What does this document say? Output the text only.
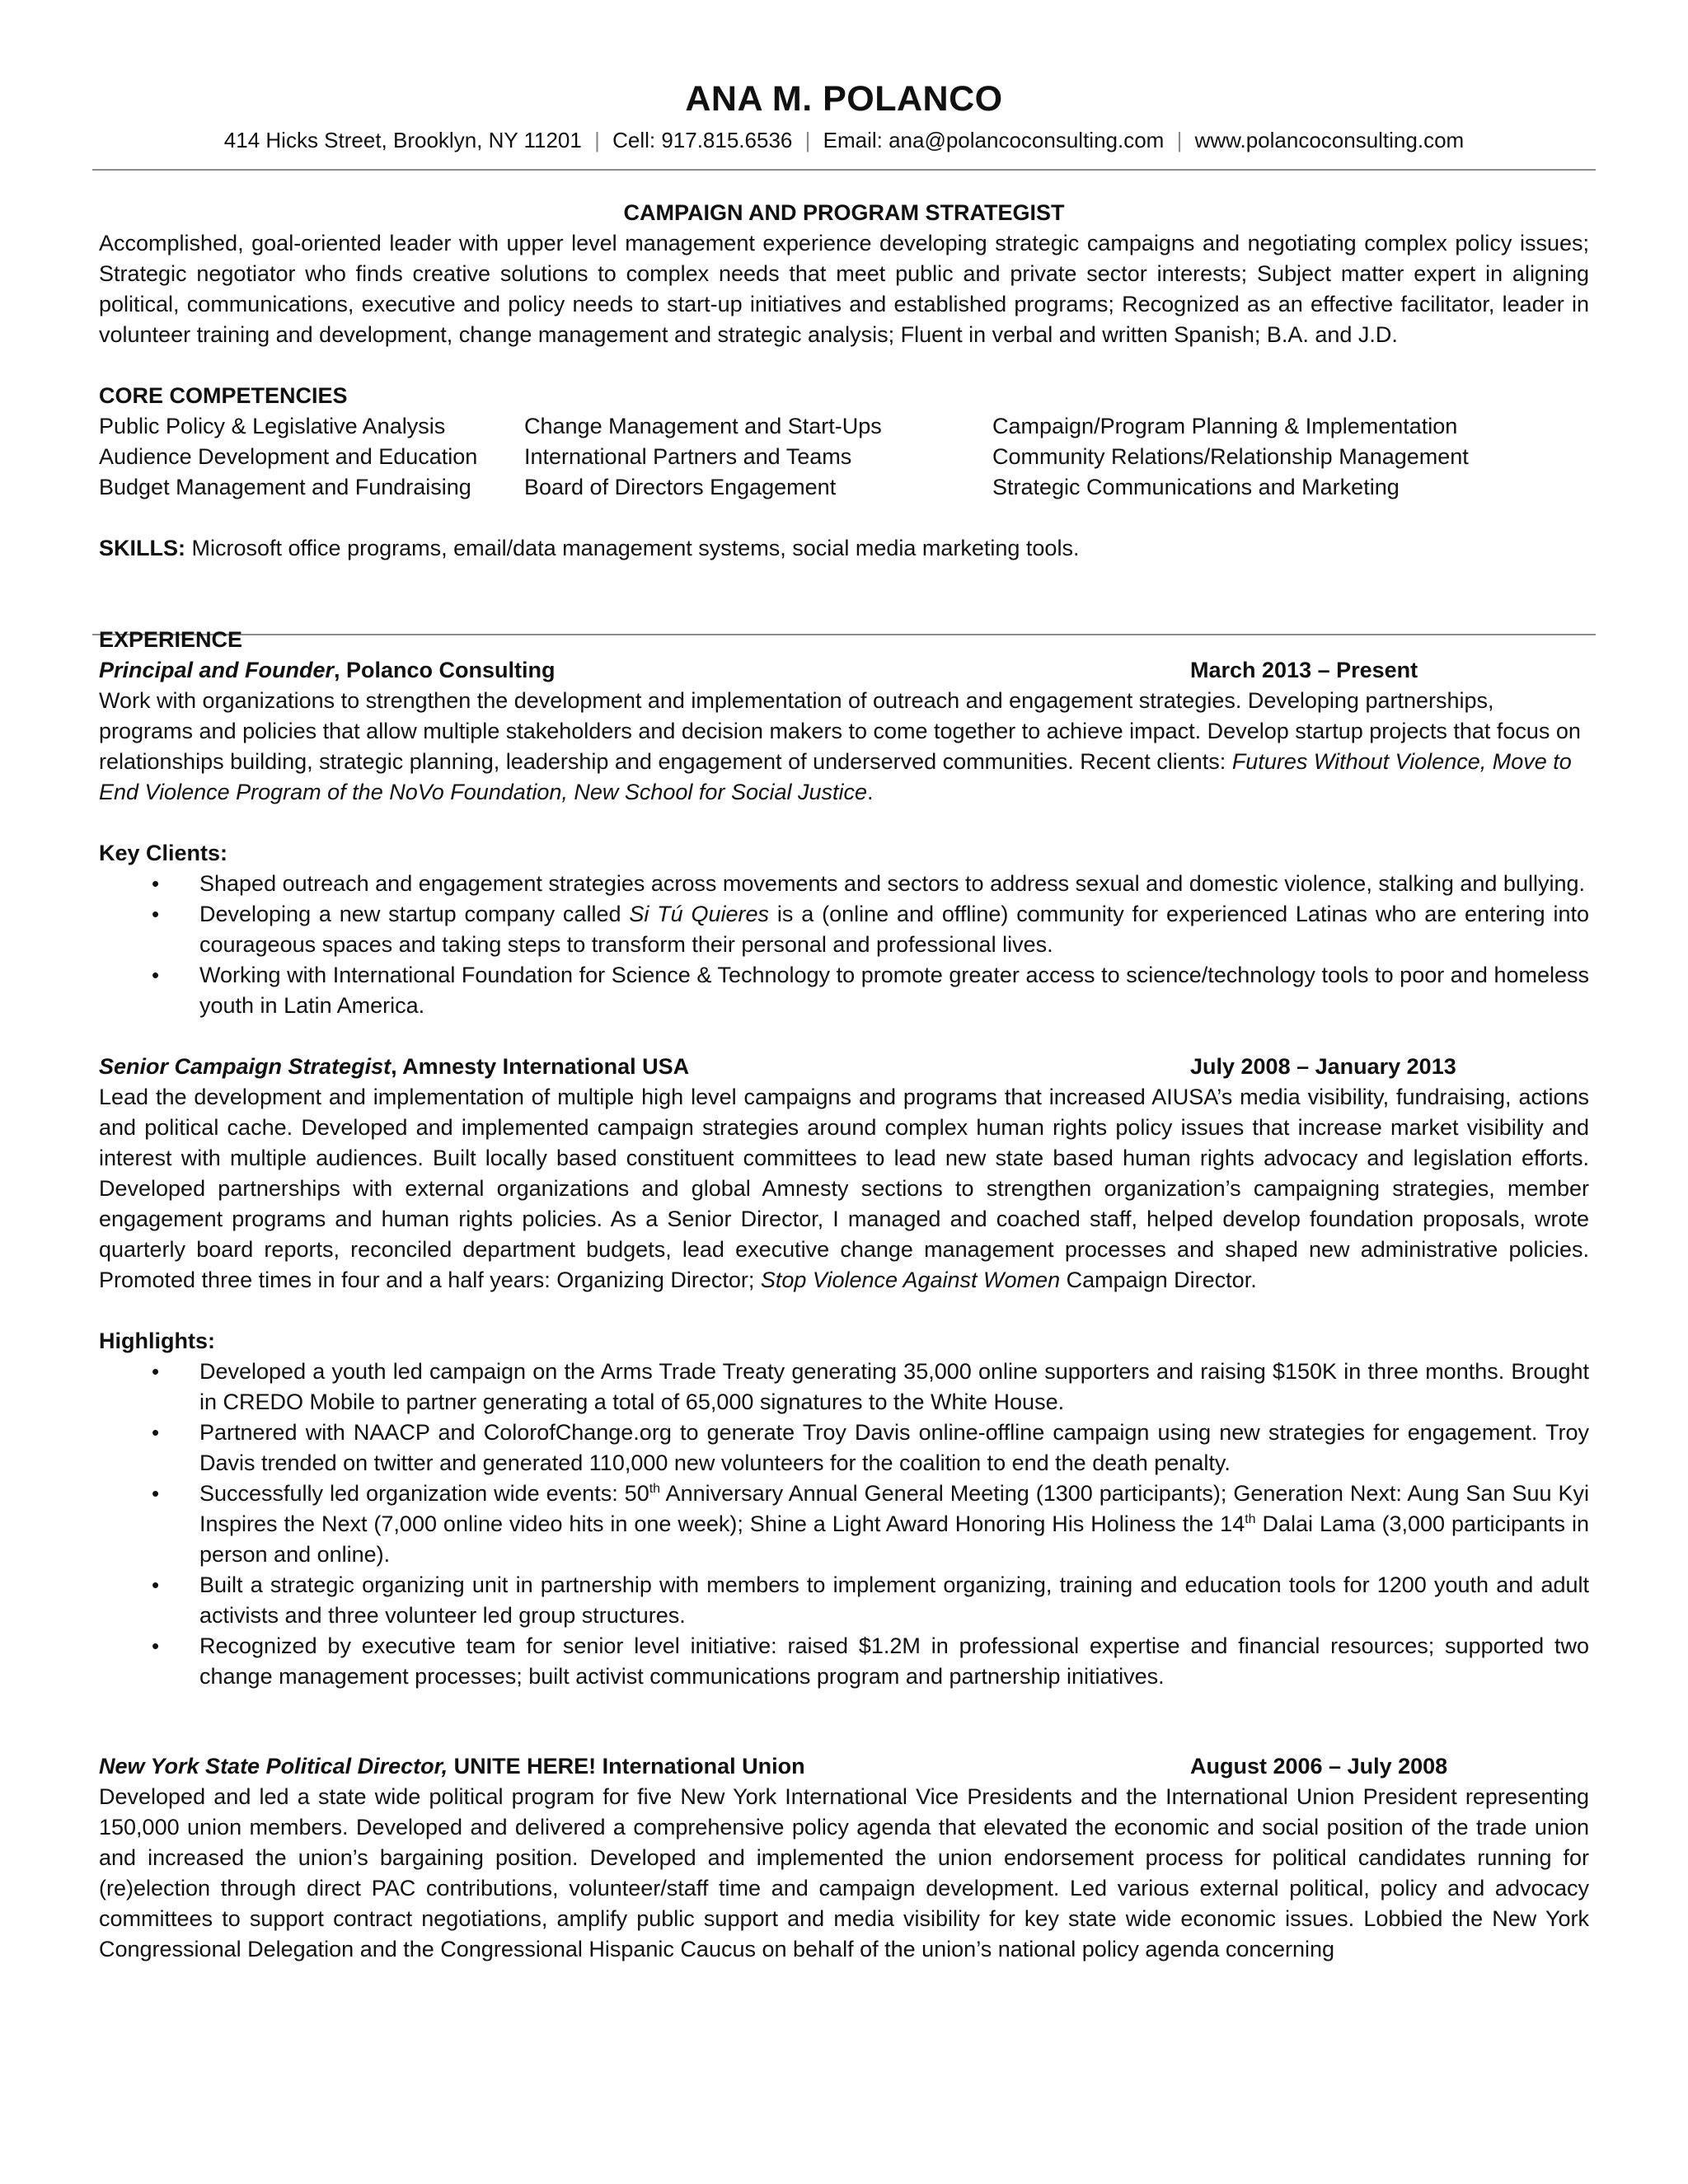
ANA M. POLANCO
414 Hicks Street, Brooklyn, NY 11201 | Cell: 917.815.6536 | Email: ana@polancoconsulting.com | www.polancoconsulting.com
CAMPAIGN AND PROGRAM STRATEGIST
Accomplished, goal-oriented leader with upper level management experience developing strategic campaigns and negotiating complex policy issues; Strategic negotiator who finds creative solutions to complex needs that meet public and private sector interests; Subject matter expert in aligning political, communications, executive and policy needs to start-up initiatives and established programs; Recognized as an effective facilitator, leader in volunteer training and development, change management and strategic analysis; Fluent in verbal and written Spanish; B.A. and J.D.
CORE COMPETENCIES
Public Policy & Legislative Analysis	Change Management and Start-Ups	Campaign/Program Planning & Implementation
Audience Development and Education	International Partners and Teams	Community Relations/Relationship Management
Budget Management and Fundraising	Board of Directors Engagement	Strategic Communications and Marketing
SKILLS: Microsoft office programs, email/data management systems, social media marketing tools.
EXPERIENCE
Principal and Founder, Polanco Consulting	March 2013 – Present
Work with organizations to strengthen the development and implementation of outreach and engagement strategies. Developing partnerships, programs and policies that allow multiple stakeholders and decision makers to come together to achieve impact. Develop startup projects that focus on relationships building, strategic planning, leadership and engagement of underserved communities. Recent clients: Futures Without Violence, Move to End Violence Program of the NoVo Foundation, New School for Social Justice.
Key Clients:
• Shaped outreach and engagement strategies across movements and sectors to address sexual and domestic violence, stalking and bullying.
• Developing a new startup company called Si Tú Quieres is a (online and offline) community for experienced Latinas who are entering into courageous spaces and taking steps to transform their personal and professional lives.
• Working with International Foundation for Science & Technology to promote greater access to science/technology tools to poor and homeless youth in Latin America.
Senior Campaign Strategist, Amnesty International USA	July 2008 – January 2013
Lead the development and implementation of multiple high level campaigns and programs that increased AIUSA’s media visibility, fundraising, actions and political cache. Developed and implemented campaign strategies around complex human rights policy issues that increase market visibility and interest with multiple audiences. Built locally based constituent committees to lead new state based human rights advocacy and legislation efforts. Developed partnerships with external organizations and global Amnesty sections to strengthen organization’s campaigning strategies, member engagement programs and human rights policies. As a Senior Director, I managed and coached staff, helped develop foundation proposals, wrote quarterly board reports, reconciled department budgets, lead executive change management processes and shaped new administrative policies. Promoted three times in four and a half years: Organizing Director; Stop Violence Against Women Campaign Director.
Highlights:
• Developed a youth led campaign on the Arms Trade Treaty generating 35,000 online supporters and raising $150K in three months. Brought in CREDO Mobile to partner generating a total of 65,000 signatures to the White House.
• Partnered with NAACP and ColorofChange.org to generate Troy Davis online-offline campaign using new strategies for engagement. Troy Davis trended on twitter and generated 110,000 new volunteers for the coalition to end the death penalty.
• Successfully led organization wide events: 50th Anniversary Annual General Meeting (1300 participants); Generation Next: Aung San Suu Kyi Inspires the Next (7,000 online video hits in one week); Shine a Light Award Honoring His Holiness the 14th Dalai Lama (3,000 participants in person and online).
• Built a strategic organizing unit in partnership with members to implement organizing, training and education tools for 1200 youth and adult activists and three volunteer led group structures.
• Recognized by executive team for senior level initiative: raised $1.2M in professional expertise and financial resources; supported two change management processes; built activist communications program and partnership initiatives.
New York State Political Director, UNITE HERE! International Union	August 2006 – July 2008
Developed and led a state wide political program for five New York International Vice Presidents and the International Union President representing 150,000 union members. Developed and delivered a comprehensive policy agenda that elevated the economic and social position of the trade union and increased the union’s bargaining position. Developed and implemented the union endorsement process for political candidates running for (re)election through direct PAC contributions, volunteer/staff time and campaign development. Led various external political, policy and advocacy committees to support contract negotiations, amplify public support and media visibility for key state wide economic issues. Lobbied the New York Congressional Delegation and the Congressional Hispanic Caucus on behalf of the union’s national policy agenda concerning
